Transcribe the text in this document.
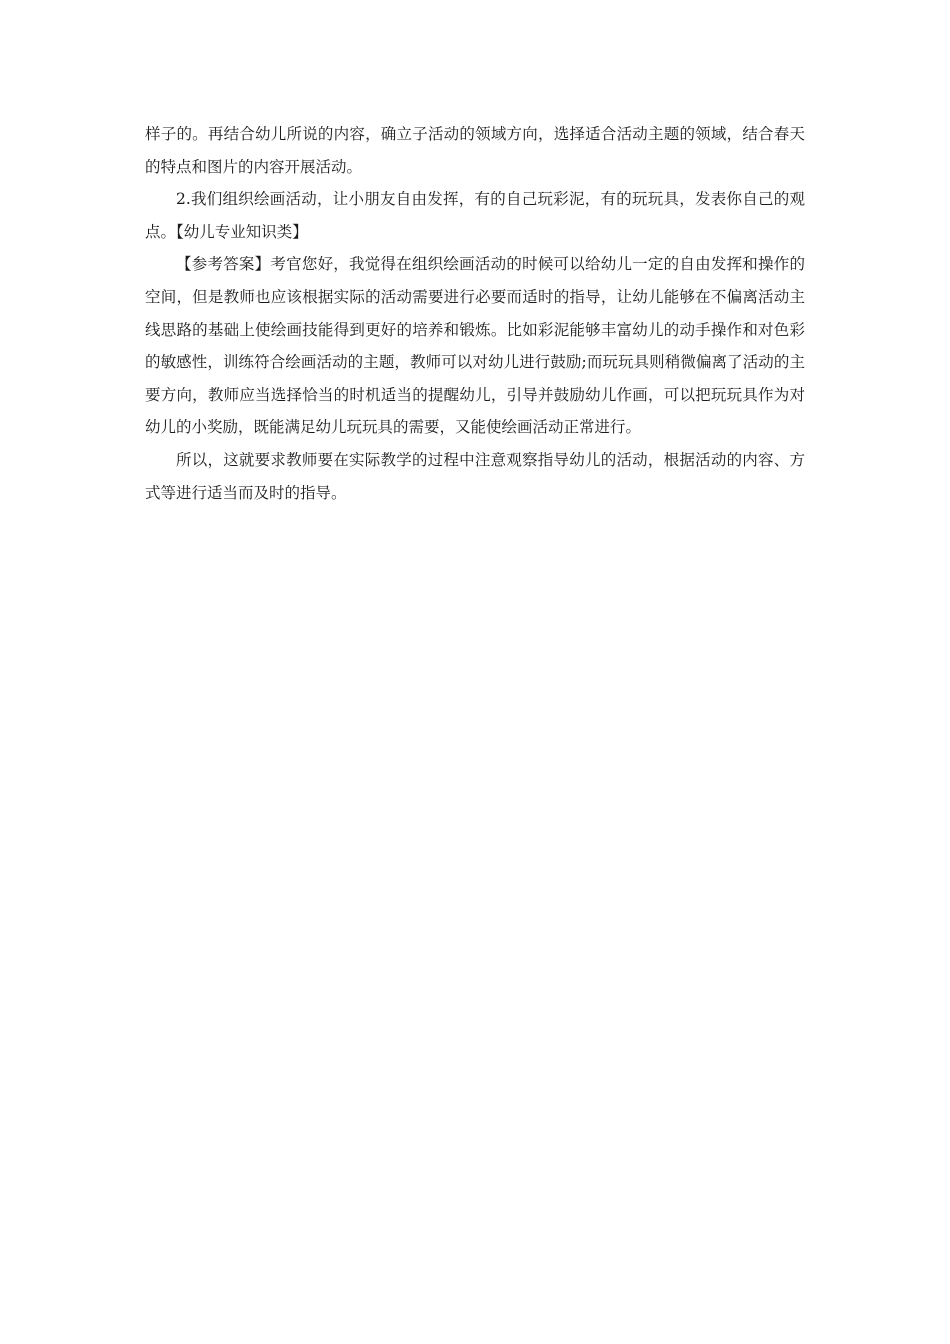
样子的。再结合幼儿所说的内容，确立子活动的领域方向，选择适合活动主题的领域，结合春天的特点和图片的内容开展活动。

2.我们组织绘画活动，让小朋友自由发挥，有的自己玩彩泥，有的玩玩具，发表你自己的观点。【幼儿专业知识类】

【参考答案】考官您好，我觉得在组织绘画活动的时候可以给幼儿一定的自由发挥和操作的空间，但是教师也应该根据实际的活动需要进行必要而适时的指导，让幼儿能够在不偏离活动主线思路的基础上使绘画技能得到更好的培养和锻炼。比如彩泥能够丰富幼儿的动手操作和对色彩的敏感性，训练符合绘画活动的主题，教师可以对幼儿进行鼓励;而玩玩具则稍微偏离了活动的主要方向，教师应当选择恰当的时机适当的提醒幼儿，引导并鼓励幼儿作画，可以把玩玩具作为对幼儿的小奖励，既能满足幼儿玩玩具的需要，又能使绘画活动正常进行。

所以，这就要求教师要在实际教学的过程中注意观察指导幼儿的活动，根据活动的内容、方式等进行适当而及时的指导。
